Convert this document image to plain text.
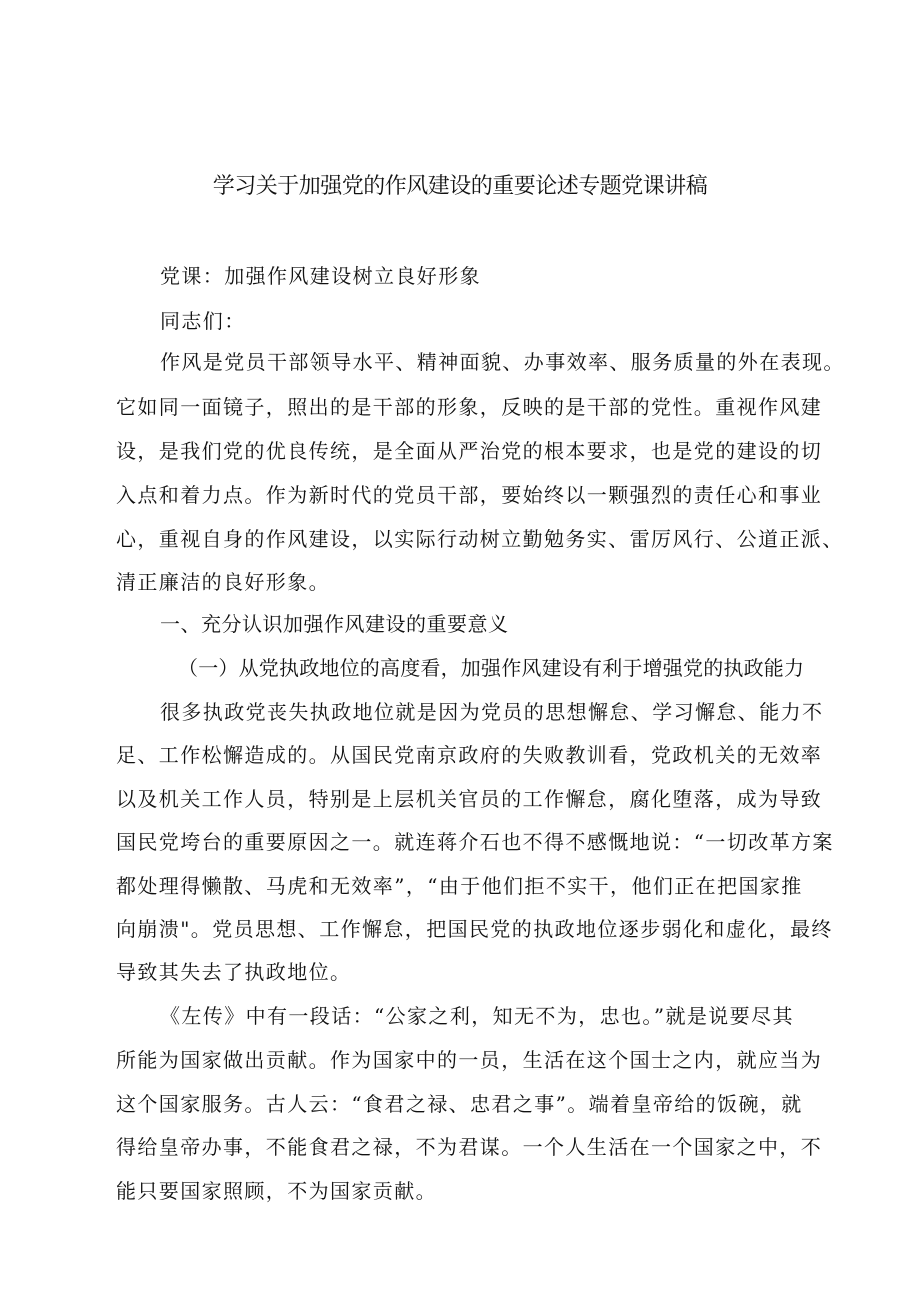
学习关于加强党的作风建设的重要论述专题党课讲稿
党课：加强作风建设树立良好形象
同志们：
作风是党员干部领导水平、精神面貌、办事效率、服务质量的外在表现。
它如同一面镜子，照出的是干部的形象，反映的是干部的党性。重视作风建
设，是我们党的优良传统，是全面从严治党的根本要求，也是党的建设的切
入点和着力点。作为新时代的党员干部，要始终以一颗强烈的责任心和事业
心，重视自身的作风建设，以实际行动树立勤勉务实、雷厉风行、公道正派、
清正廉洁的良好形象。
一、充分认识加强作风建设的重要意义
（一）从党执政地位的高度看，加强作风建设有利于增强党的执政能力
很多执政党丧失执政地位就是因为党员的思想懈怠、学习懈怠、能力不
足、工作松懈造成的。从国民党南京政府的失败教训看，党政机关的无效率
以及机关工作人员，特别是上层机关官员的工作懈怠，腐化堕落，成为导致
国民党垮台的重要原因之一。就连蒋介石也不得不感慨地说：“一切改革方案
都处理得懒散、马虎和无效率”，“由于他们拒不实干，他们正在把国家推
向崩溃"。党员思想、工作懈怠，把国民党的执政地位逐步弱化和虚化，最终
导致其失去了执政地位。
《左传》中有一段话：“公家之利，知无不为，忠也。”就是说要尽其
所能为国家做出贡献。作为国家中的一员，生活在这个国士之内，就应当为
这个国家服务。古人云：“食君之禄、忠君之事”。端着皇帝给的饭碗，就
得给皇帝办事，不能食君之禄，不为君谋。一个人生活在一个国家之中，不
能只要国家照顾，不为国家贡献。
